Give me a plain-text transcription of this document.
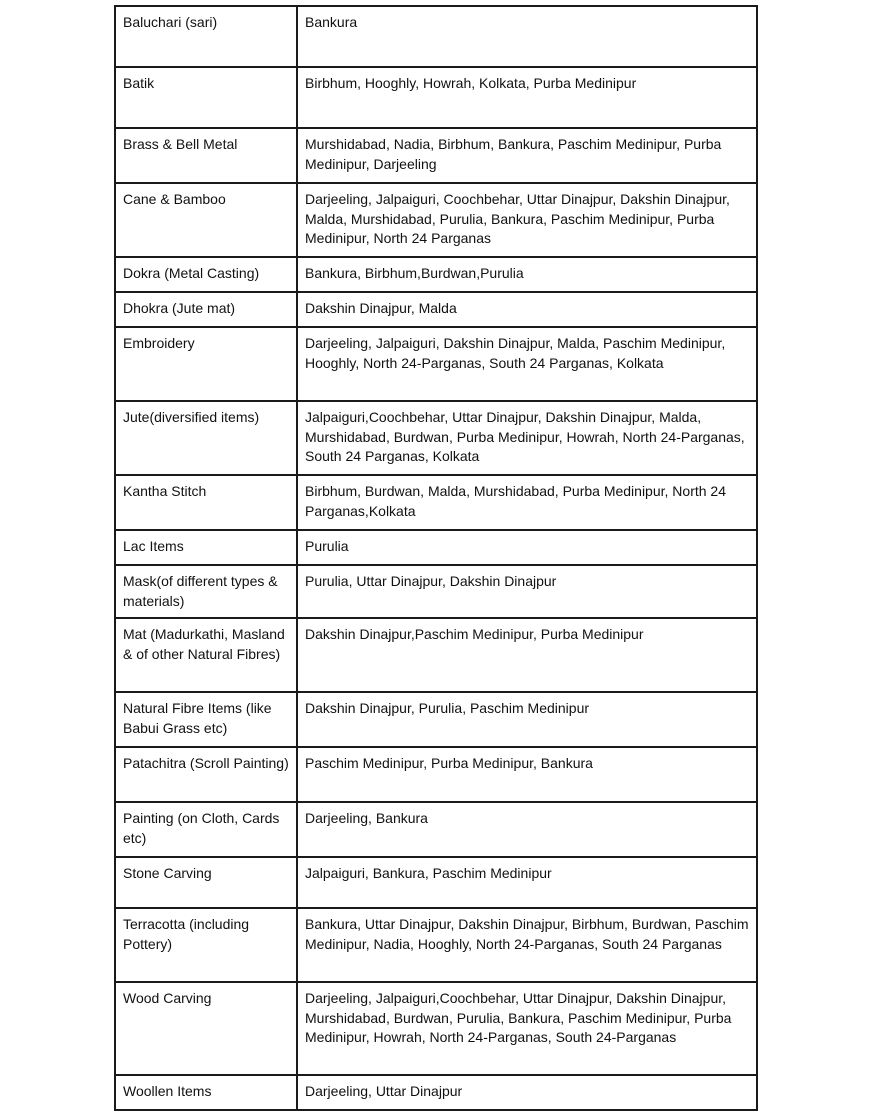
Baluchari (sari)	Bankura
Batik	Birbhum, Hooghly, Howrah, Kolkata, Purba Medinipur
Brass & Bell Metal	Murshidabad, Nadia, Birbhum, Bankura, Paschim Medinipur, Purba Medinipur, Darjeeling
Cane & Bamboo	Darjeeling, Jalpaiguri, Coochbehar, Uttar Dinajpur, Dakshin Dinajpur, Malda, Murshidabad, Purulia, Bankura, Paschim Medinipur, Purba Medinipur, North 24 Parganas
Dokra (Metal Casting)	Bankura, Birbhum,Burdwan,Purulia
Dhokra (Jute mat)	Dakshin Dinajpur, Malda
Embroidery	Darjeeling, Jalpaiguri, Dakshin Dinajpur, Malda, Paschim Medinipur, Hooghly, North 24-Parganas, South 24 Parganas, Kolkata
Jute(diversified items)	Jalpaiguri,Coochbehar, Uttar Dinajpur, Dakshin Dinajpur, Malda, Murshidabad, Burdwan, Purba Medinipur, Howrah, North 24-Parganas, South 24 Parganas, Kolkata
Kantha Stitch	Birbhum, Burdwan, Malda, Murshidabad, Purba Medinipur, North 24 Parganas,Kolkata
Lac Items	Purulia
Mask(of different types & materials)	Purulia, Uttar Dinajpur, Dakshin Dinajpur
Mat (Madurkathi, Masland & of other Natural Fibres)	Dakshin Dinajpur,Paschim Medinipur, Purba Medinipur
Natural Fibre Items (like Babui Grass etc)	Dakshin Dinajpur, Purulia, Paschim Medinipur
Patachitra (Scroll Painting)	Paschim Medinipur, Purba Medinipur, Bankura
Painting (on Cloth, Cards etc)	Darjeeling, Bankura
Stone Carving	Jalpaiguri, Bankura, Paschim Medinipur
Terracotta (including Pottery)	Bankura, Uttar Dinajpur, Dakshin Dinajpur, Birbhum, Burdwan, Paschim Medinipur, Nadia, Hooghly, North 24-Parganas, South 24 Parganas
Wood Carving	Darjeeling, Jalpaiguri,Coochbehar, Uttar Dinajpur, Dakshin Dinajpur, Murshidabad, Burdwan, Purulia, Bankura, Paschim Medinipur, Purba Medinipur, Howrah, North 24-Parganas, South 24-Parganas
Woollen Items	Darjeeling, Uttar Dinajpur
